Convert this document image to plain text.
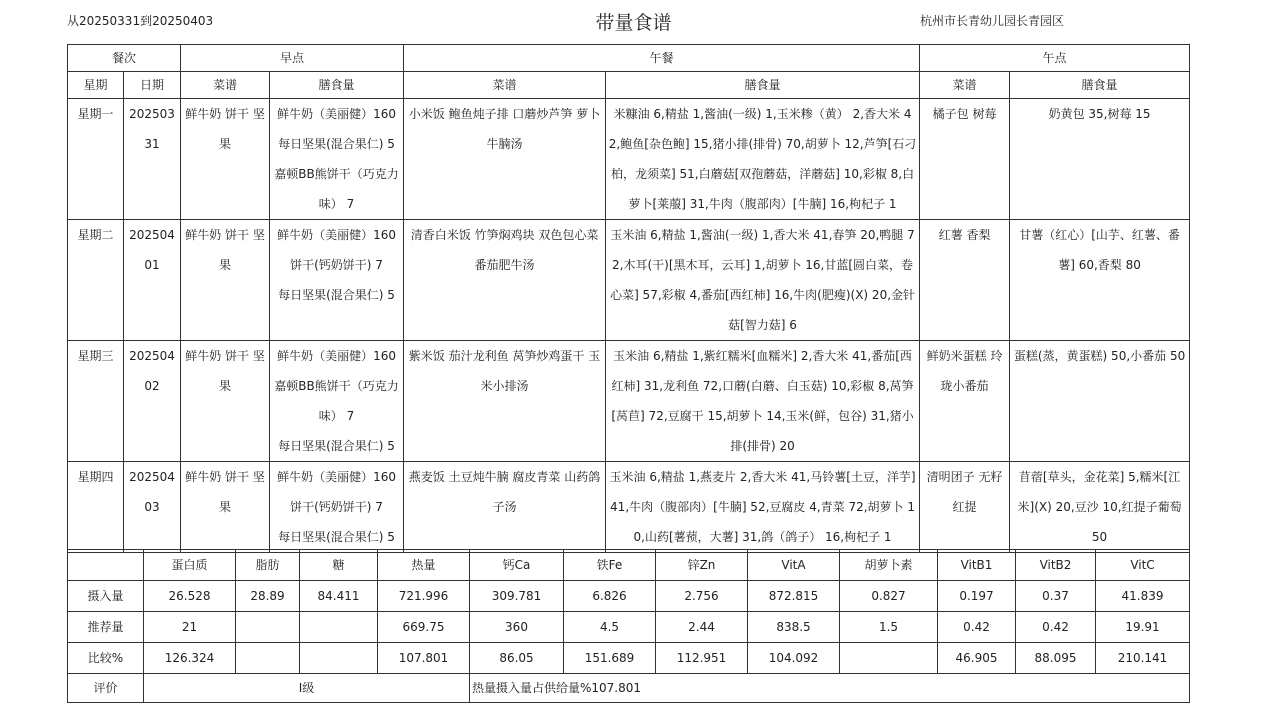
从20250331到20250403	带量食谱	杭州市长青幼儿园长青园区
餐次		早点		午餐		午点	
星期	日期	菜谱	膳食量	菜谱	膳食量	菜谱	膳食量
星期一	20250331	鲜牛奶 饼干 坚果	鲜牛奶（美丽健）160
每日坚果(混合果仁) 5
嘉顿BB熊饼干（巧克力味） 7	小米饭 鲍鱼炖子排 口蘑炒芦笋 萝卜牛腩汤	米糠油 6,精盐 1,酱油(一级) 1,玉米糁（黄） 2,香大米 42,鲍鱼[杂色鲍] 15,猪小排(排骨) 70,胡萝卜 12,芦笋[石刁柏，龙须菜] 51,白蘑菇[双孢蘑菇，洋蘑菇] 10,彩椒 8,白萝卜[莱菔] 31,牛肉（腹部肉）[牛腩] 16,枸杞子 1	橘子包 树莓	奶黄包 35,树莓 15
星期二	20250401	鲜牛奶 饼干 坚果	鲜牛奶（美丽健）160
饼干(钙奶饼干) 7
每日坚果(混合果仁) 5	清香白米饭 竹笋焖鸡块 双色包心菜 番茄肥牛汤	玉米油 6,精盐 1,酱油(一级) 1,香大米 41,春笋 20,鸭腿 72,木耳(干)[黑木耳，云耳] 1,胡萝卜 16,甘蓝[圆白菜，卷心菜] 57,彩椒 4,番茄[西红柿] 16,牛肉(肥瘦)(X) 20,金针菇[智力菇] 6	红薯 香梨	甘薯（红心）[山芋、红薯、番薯] 60,香梨 80
星期三	20250402	鲜牛奶 饼干 坚果	鲜牛奶（美丽健）160
嘉顿BB熊饼干（巧克力味） 7
每日坚果(混合果仁) 5	紫米饭 茄汁龙利鱼 莴笋炒鸡蛋干 玉米小排汤	玉米油 6,精盐 1,紫红糯米[血糯米] 2,香大米 41,番茄[西红柿] 31,龙利鱼 72,口蘑(白蘑、白玉菇) 10,彩椒 8,莴笋[莴苣] 72,豆腐干 15,胡萝卜 14,玉米(鲜，包谷) 31,猪小排(排骨) 20	鲜奶米蛋糕 玲珑小番茄	蛋糕(蒸，黄蛋糕) 50,小番茄 50
星期四	20250403	鲜牛奶 饼干 坚果	鲜牛奶（美丽健）160
饼干(钙奶饼干) 7
每日坚果(混合果仁) 5	燕麦饭 土豆炖牛腩 腐皮青菜 山药鸽子汤	玉米油 6,精盐 1,燕麦片 2,香大米 41,马铃薯[土豆，洋芋] 41,牛肉（腹部肉）[牛腩] 52,豆腐皮 4,青菜 72,胡萝卜 10,山药[薯蓣，大薯] 31,鸽（鸽子） 16,枸杞子 1	清明团子 无籽红提	苜蓿[草头，金花菜] 5,糯米[江米](X) 20,豆沙 10,红提子葡萄 50
	蛋白质	脂肪	糖	热量	钙Ca	铁Fe	锌Zn	VitA	胡萝卜素	VitB1	VitB2	VitC
摄入量	26.528	28.89	84.411	721.996	309.781	6.826	2.756	872.815	0.827	0.197	0.37	41.839
推荐量	21			669.75	360	4.5	2.44	838.5	1.5	0.42	0.42	19.91
比较%	126.324			107.801	86.05	151.689	112.951	104.092		46.905	88.095	210.141
评价	I级				热量摄入量占供给量%107.801							
